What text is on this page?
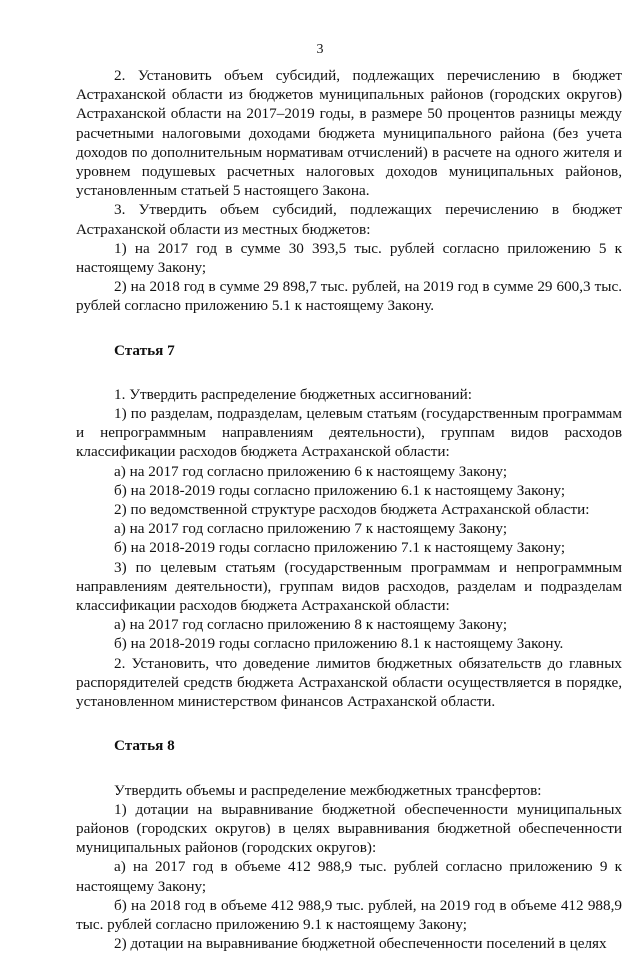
3

2. Установить объем субсидий, подлежащих перечислению в бюджет Астраханской области из бюджетов муниципальных районов (городских округов) Астраханской области на 2017–2019 годы, в размере 50 процентов разницы между расчетными налоговыми доходами бюджета муниципального района (без учета доходов по дополнительным нормативам отчислений) в расчете на одного жителя и уровнем подушевых расчетных налоговых доходов муниципальных районов, установленным статьей 5 настоящего Закона.

3. Утвердить объем субсидий, подлежащих перечислению в бюджет Астраханской области из местных бюджетов:

1) на 2017 год в сумме 30 393,5 тыс. рублей согласно приложению 5 к настоящему Закону;

2) на 2018 год в сумме 29 898,7 тыс. рублей, на 2019 год в сумме 29 600,3 тыс. рублей согласно приложению 5.1 к настоящему Закону.

Статья 7

1. Утвердить распределение бюджетных ассигнований:

1) по разделам, подразделам, целевым статьям (государственным программам и непрограммным направлениям деятельности), группам видов расходов классификации расходов бюджета Астраханской области:

а) на 2017 год согласно приложению 6 к настоящему Закону;

б) на 2018-2019 годы согласно приложению 6.1 к настоящему Закону;

2) по ведомственной структуре расходов бюджета Астраханской области:

а) на 2017 год согласно приложению 7 к настоящему Закону;

б) на 2018-2019 годы согласно приложению 7.1 к настоящему Закону;

3) по целевым статьям (государственным программам и непрограммным направлениям деятельности), группам видов расходов, разделам и подразделам классификации расходов бюджета Астраханской области:

а) на 2017 год согласно приложению 8 к настоящему Закону;

б) на 2018-2019 годы согласно приложению 8.1 к настоящему Закону.

2. Установить, что доведение лимитов бюджетных обязательств до главных распорядителей средств бюджета Астраханской области осуществляется в порядке, установленном министерством финансов Астраханской области.

Статья 8

Утвердить объемы и распределение межбюджетных трансфертов:

1) дотации на выравнивание бюджетной обеспеченности муниципальных районов (городских округов) в целях выравнивания бюджетной обеспеченности муниципальных районов (городских округов):

а) на 2017 год в объеме 412 988,9 тыс. рублей согласно приложению 9 к настоящему Закону;

б) на 2018 год в объеме 412 988,9 тыс. рублей, на 2019 год в объеме 412 988,9 тыс. рублей согласно приложению 9.1 к настоящему Закону;

2) дотации на выравнивание бюджетной обеспеченности поселений в целях
